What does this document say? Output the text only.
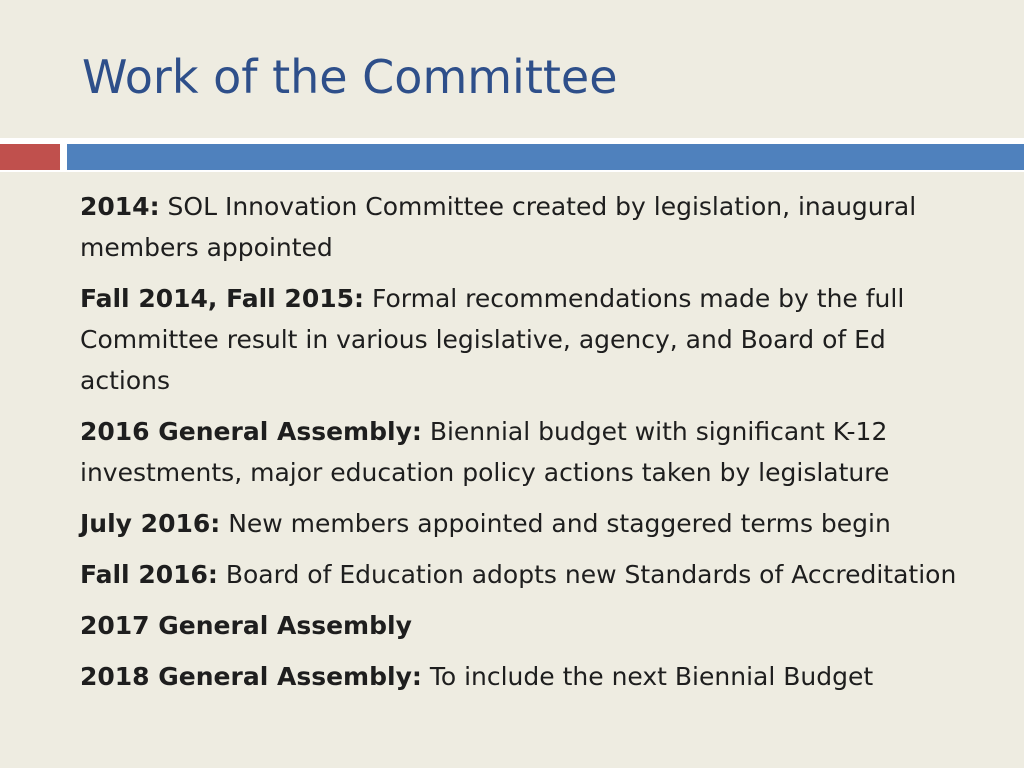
Work of the Committee
2014: SOL Innovation Committee created by legislation, inaugural members appointed
Fall 2014, Fall 2015: Formal recommendations made by the full Committee result in various legislative, agency, and Board of Ed actions
2016 General Assembly: Biennial budget with significant K-12 investments, major education policy actions taken by legislature
July 2016: New members appointed and staggered terms begin
Fall 2016: Board of Education adopts new Standards of Accreditation
2017 General Assembly
2018 General Assembly: To include the next Biennial Budget
